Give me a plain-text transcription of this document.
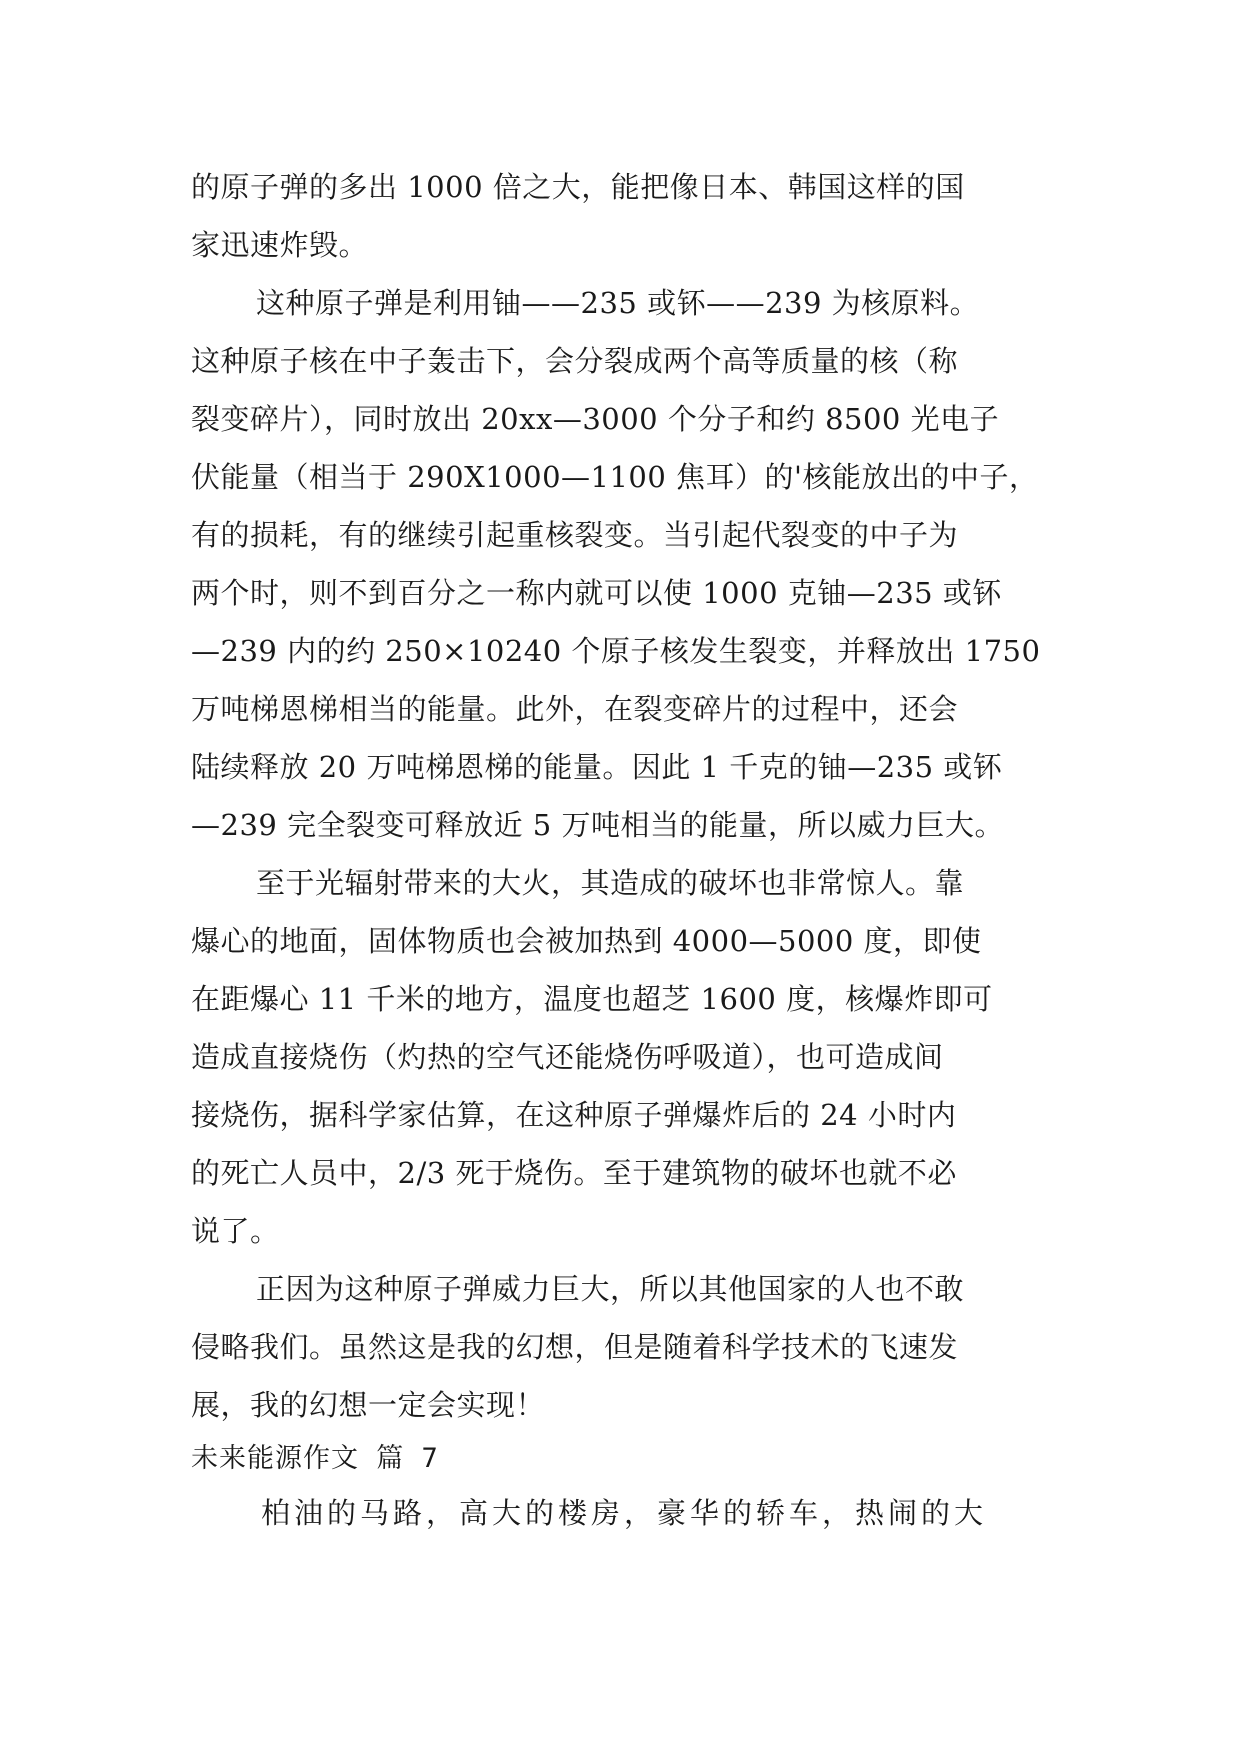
的原子弹的多出 1000 倍之大，能把像日本、韩国这样的国
家迅速炸毁。
这种原子弹是利用铀——235 或钚——239 为核原料。
这种原子核在中子轰击下，会分裂成两个高等质量的核（称
裂变碎片），同时放出 20xx—3000 个分子和约 8500 光电子
伏能量（相当于 290X1000—1100 焦耳）的'核能放出的中子，
有的损耗，有的继续引起重核裂变。当引起代裂变的中子为
两个时，则不到百分之一称内就可以使 1000 克铀—235 或钚
—239 内的约 250×10240 个原子核发生裂变，并释放出 1750
万吨梯恩梯相当的能量。此外，在裂变碎片的过程中，还会
陆续释放 20 万吨梯恩梯的能量。因此 1 千克的铀—235 或钚
—239 完全裂变可释放近 5 万吨相当的能量，所以威力巨大。
至于光辐射带来的大火，其造成的破坏也非常惊人。靠
爆心的地面，固体物质也会被加热到 4000—5000 度，即使
在距爆心 11 千米的地方，温度也超芝 1600 度，核爆炸即可
造成直接烧伤（灼热的空气还能烧伤呼吸道），也可造成间
接烧伤，据科学家估算，在这种原子弹爆炸后的 24 小时内
的死亡人员中，2/3 死于烧伤。至于建筑物的破坏也就不必
说了。
正因为这种原子弹威力巨大，所以其他国家的人也不敢
侵略我们。虽然这是我的幻想，但是随着科学技术的飞速发
展，我的幻想一定会实现！
未来能源作文 篇 7
柏油的马路，高大的楼房，豪华的轿车，热闹的大
